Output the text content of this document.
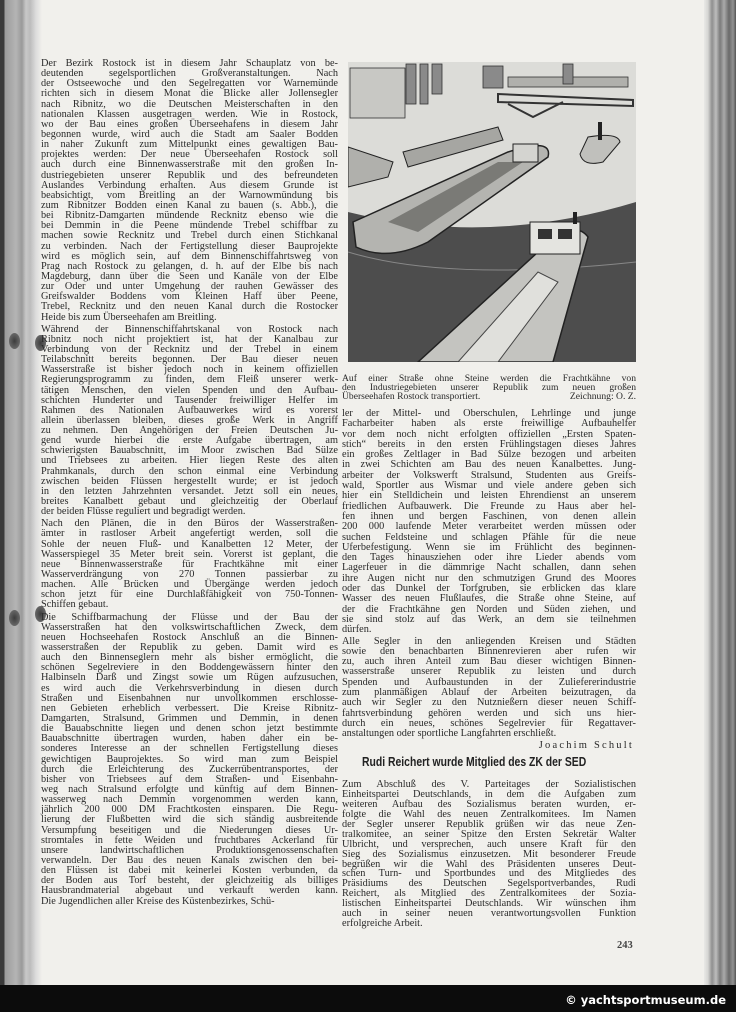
Der Bezirk Rostock ist in diesem Jahr Schauplatz von be-
deutenden segelsportlichen Großveranstaltungen. Nach
der Ostseewoche und den Segelregatten vor Warnemünde
richten sich in diesem Monat die Blicke aller Jollensegler
nach Ribnitz, wo die Deutschen Meisterschaften in den
nationalen Klassen ausgetragen werden. Wie in Rostock,
wo der Bau eines großen Überseehafens in diesem Jahr
begonnen wurde, wird auch die Stadt am Saaler Bodden
in naher Zukunft zum Mittelpunkt eines gewaltigen Bau-
projektes werden: Der neue Überseehafen Rostock soll
auch durch eine Binnenwasserstraße mit den großen In-
dustriegebieten unserer Republik und des befreundeten
Auslandes Verbindung erhalten. Aus diesem Grunde ist
beabsichtigt, vom Breitling an der Warnowmündung bis
zum Ribnitzer Bodden einen Kanal zu bauen (s. Abb.), die
bei Ribnitz-Damgarten mündende Recknitz ebenso wie die
bei Demmin in die Peene mündende Trebel schiffbar zu
machen sowie Recknitz und Trebel durch einen Stichkanal
zu verbinden. Nach der Fertigstellung dieser Bauprojekte
wird es möglich sein, auf dem Binnenschiffahrtsweg von
Prag nach Rostock zu gelangen, d. h. auf der Elbe bis nach
Magdeburg, dann über die Seen und Kanäle von der Elbe
zur Oder und unter Umgehung der rauhen Gewässer des
Greifswalder Boddens vom Kleinen Haff über Peene,
Trebel, Recknitz und den neuen Kanal durch die Rostocker
Heide bis zum Überseehafen am Breitling.
Während der Binnenschiffahrtskanal von Rostock nach
Ribnitz noch nicht projektiert ist, hat der Kanalbau zur
Verbindung von der Recknitz und der Trebel in einem
Teilabschnitt bereits begonnen. Der Bau dieser neuen
Wasserstraße ist bisher jedoch noch in keinem offiziellen
Regierungsprogramm zu finden, dem Fleiß unserer werk-
tätigen Menschen, den vielen Spenden und den Aufbau-
schichten Hunderter und Tausender freiwilliger Helfer im
Rahmen des Nationalen Aufbauwerkes wird es vorerst
allein überlassen bleiben, dieses große Werk in Angriff
zu nehmen. Den Angehörigen der Freien Deutschen Ju-
gend wurde hierbei die erste Aufgabe übertragen, am
schwierigsten Bauabschnitt, im Moor zwischen Bad Sülze
und Triebsees zu arbeiten. Hier liegen Reste des alten
Prahmkanals, durch den schon einmal eine Verbindung
zwischen beiden Flüssen hergestellt wurde; er ist jedoch
in den letzten Jahrzehnten versandet. Jetzt soll ein neues,
breites Kanalbett gebaut und gleichzeitig der Oberlauf
der beiden Flüsse reguliert und begradigt werden.
Nach den Plänen, die in den Büros der Wasserstraßen-
ämter in rastloser Arbeit angefertigt werden, soll die
Sohle der neuen Fluß- und Kanalbetten 12 Meter, der
Wasserspiegel 35 Meter breit sein. Vorerst ist geplant, die
neue Binnenwasserstraße für Frachtkähne mit einer
Wasserverdrängung von 270 Tonnen passierbar zu
machen. Alle Brücken und Übergänge werden jedoch
schon jetzt für eine Durchlaßfähigkeit von 750-Tonnen-
Schiffen gebaut.
Die Schiffbarmachung der Flüsse und der Bau der
Wasserstraßen hat den volkswirtschaftlichen Zweck, dem
neuen Hochseehafen Rostock Anschluß an die Binnen-
wasserstraßen der Republik zu geben. Damit wird es
auch den Binnenseglern mehr als bisher ermöglicht, die
schönen Segelreviere in den Boddengewässern hinter den
Halbinseln Darß und Zingst sowie um Rügen aufzusuchen,
es wird auch die Verkehrsverbindung in diesen durch
Straßen und Eisenbahnen nur unvollkommen erschlosse-
nen Gebieten erheblich verbessert. Die Kreise Ribnitz-
Damgarten, Stralsund, Grimmen und Demmin, in denen
die Bauabschnitte liegen und denen schon jetzt bestimmte
Bauabschnitte übertragen wurden, haben daher ein be-
sonderes Interesse an der schnellen Fertigstellung dieses
gewichtigen Bauprojektes. So wird man zum Beispiel
durch die Erleichterung des Zuckerrübentransportes, der
bisher von Triebsees auf dem Straßen- und Eisenbahn-
weg nach Stralsund erfolgte und künftig auf dem Binnen-
wasserweg nach Demmin vorgenommen werden kann,
jährlich 200 000 DM Frachtkosten einsparen. Die Regu-
lierung der Flußbetten wird die sich ständig ausbreitende
Versumpfung beseitigen und die Niederungen dieses Ur-
stromtales in fette Weiden und fruchtbares Ackerland für
unsere landwirtschaftlichen Produktionsgenossenschaften
verwandeln. Der Bau des neuen Kanals zwischen den bei-
den Flüssen ist dabei mit keinerlei Kosten verbunden, da
der Boden aus Torf besteht, der gleichzeitig als billiges
Hausbrandmaterial abgebaut und verkauft werden kann.
Die Jugendlichen aller Kreise des Küstenbezirkes, Schü-
Auf einer Straße ohne Steine werden die Frachtkähne von
den Industriegebieten unserer Republik zum neuen großen
Überseehafen Rostock transportiert.	Zeichnung: O. Z.
ler der Mittel- und Oberschulen, Lehrlinge und junge
Facharbeiter haben als erste freiwillige Aufbauhelfer
vor dem noch nicht erfolgten offiziellen „Ersten Spaten-
stich“ bereits in den ersten Frühlingstagen dieses Jahres
ein großes Zeltlager in Bad Sülze bezogen und arbeiten
in zwei Schichten am Bau des neuen Kanalbettes. Jung-
arbeiter der Volkswerft Stralsund, Studenten aus Greifs-
wald, Sportler aus Wismar und viele andere geben sich
hier ein Stelldichein und leisten Ehrendienst an unserem
friedlichen Aufbauwerk. Die Freunde zu Haus aber hel-
fen ihnen und bergen Faschinen, von denen allein
200 000 laufende Meter verarbeitet werden müssen oder
suchen Feldsteine und schlagen Pfähle für die neue
Uferbefestigung. Wenn sie im Frühlicht des beginnen-
den Tages hinausziehen oder ihre Lieder abends vom
Lagerfeuer in die dämmrige Nacht schallen, dann sehen
ihre Augen nicht nur den schmutzigen Grund des Moores
oder das Dunkel der Torfgruben, sie erblicken das klare
Wasser des neuen Flußlaufes, die Straße ohne Steine, auf
der die Frachtkähne gen Norden und Süden ziehen, und
sie sind stolz auf das Werk, an dem sie teilnehmen
dürfen.
Alle Segler in den anliegenden Kreisen und Städten
sowie den benachbarten Binnenrevieren aber rufen wir
zu, auch ihren Anteil zum Bau dieser wichtigen Binnen-
wasserstraße unserer Republik zu leisten und durch
Spenden und Aufbaustunden in der Zuliefererindustrie
zum planmäßigen Ablauf der Arbeiten beizutragen, da
auch wir Segler zu den Nutznießern dieser neuen Schiff-
fahrtsverbindung gehören werden und sich uns hier-
durch ein neues, schönes Segelrevier für Regattaver-
anstaltungen oder sportliche Langfahrten erschließt.
Joachim Schult
Rudi Reichert wurde Mitglied des ZK der SED
Zum Abschluß des V. Parteitages der Sozialistischen
Einheitspartei Deutschlands, in dem die Aufgaben zum
weiteren Aufbau des Sozialismus beraten wurden, er-
folgte die Wahl des neuen Zentralkomitees. Im Namen
der Segler unserer Republik grüßen wir das neue Zen-
tralkomitee, an seiner Spitze den Ersten Sekretär Walter
Ulbricht, und versprechen, auch unsere Kraft für den
Sieg des Sozialismus einzusetzen. Mit besonderer Freude
begrüßen wir die Wahl des Präsidenten unseres Deut-
schen Turn- und Sportbundes und des Mitgliedes des
Präsidiums des Deutschen Segelsportverbandes, Rudi
Reichert, als Mitglied des Zentralkomitees der Sozia-
listischen Einheitspartei Deutschlands. Wir wünschen ihm
auch in seiner neuen verantwortungsvollen Funktion
erfolgreiche Arbeit.
243
© yachtsportmuseum.de
